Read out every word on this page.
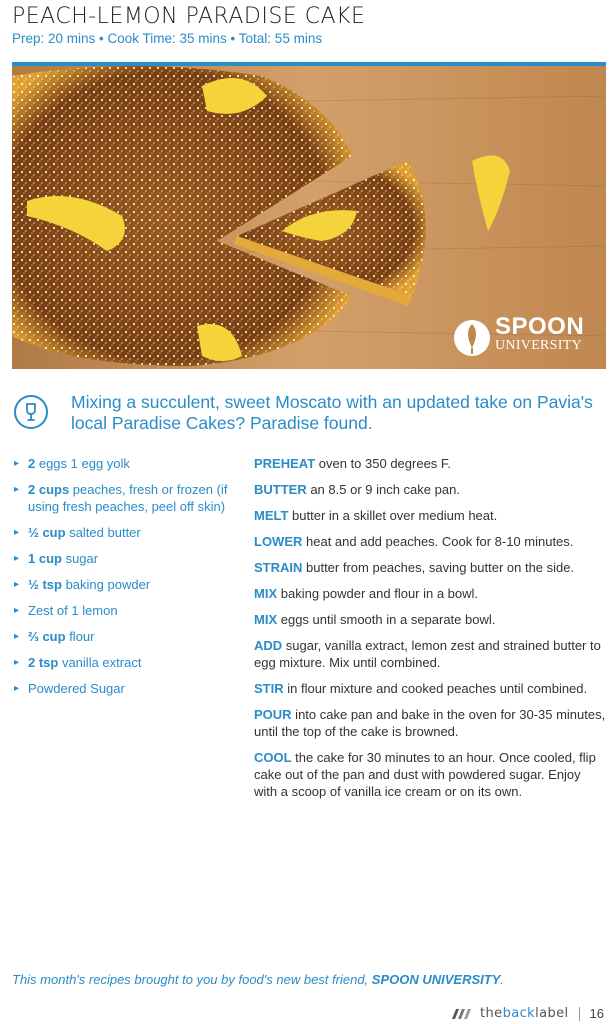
PEACH-LEMON PARADISE CAKE
Prep: 20 mins • Cook Time: 35 mins • Total: 55 mins
SPOON
UNIVERSITY
Mixing a succulent, sweet Moscato with an updated take on Pavia's local Paradise Cakes? Paradise found.
▸ 2 eggs 1 egg yolk
▸ 2 cups peaches, fresh or frozen (if using fresh peaches, peel off skin)
▸ ½ cup salted butter
▸ 1 cup sugar
▸ ½ tsp baking powder
▸ Zest of 1 lemon
▸ ⅔ cup flour
▸ 2 tsp vanilla extract
▸ Powdered Sugar
PREHEAT oven to 350 degrees F.
BUTTER an 8.5 or 9 inch cake pan.
MELT butter in a skillet over medium heat.
LOWER heat and add peaches. Cook for 8-10 minutes.
STRAIN butter from peaches, saving butter on the side.
MIX baking powder and flour in a bowl.
MIX eggs until smooth in a separate bowl.
ADD sugar, vanilla extract, lemon zest and strained butter to egg mixture. Mix until combined.
STIR in flour mixture and cooked peaches until combined.
POUR into cake pan and bake in the oven for 30-35 minutes, until the top of the cake is browned.
COOL the cake for 30 minutes to an hour. Once cooled, flip cake out of the pan and dust with powdered sugar. Enjoy with a scoop of vanilla ice cream or on its own.
This month's recipes brought to you by food's new best friend, SPOON UNIVERSITY.
thebacklabel 16
